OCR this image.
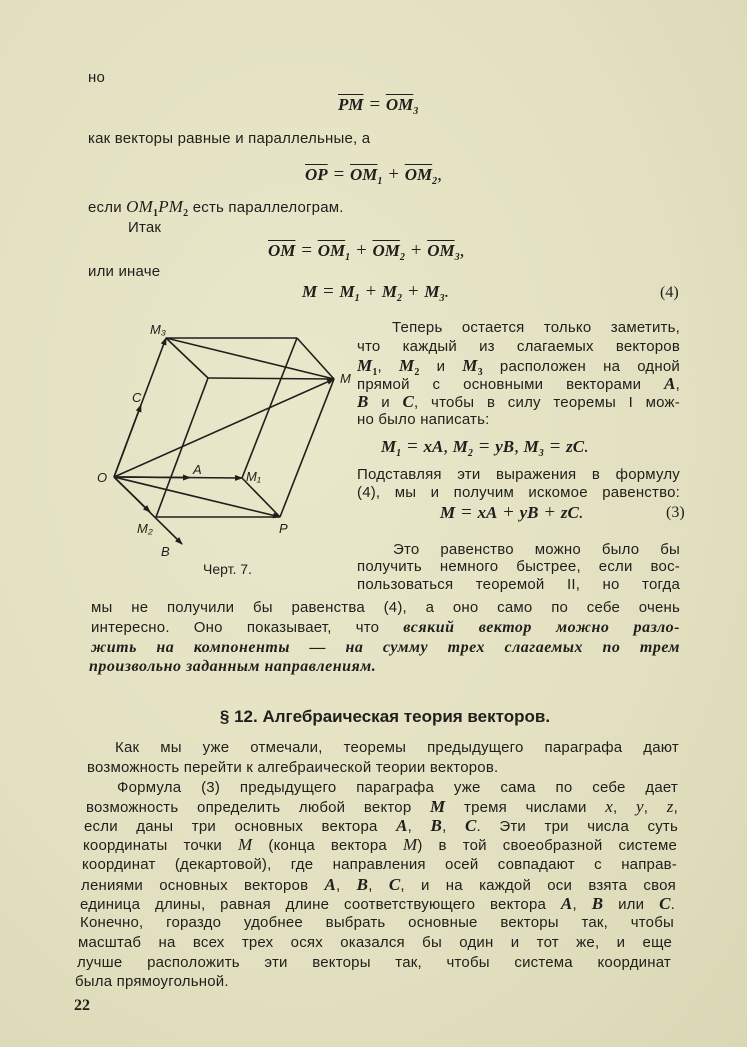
но
$\overline{PM} = \overline{OM}_3$
как векторы равные и параллельные, а
$\overline{OP} = \overline{OM}_1 + \overline{OM}_2$,
если $OM_1PM_2$ есть параллелограм.
Итак
$\overline{OM} = \overline{OM}_1 + \overline{OM}_2 + \overline{OM}_3$,
или иначе
$M = M_1 + M_2 + M_3$.	(4)
Теперь остается только заметить,
что каждый из слагаемых векторов
$M_1$, $M_2$ и $M_3$ расположен на одной
прямой с основными векторами A,
B и C, чтобы в силу теоремы I мож-
но было написать:
$M_1$ = xA, $M_2$ = yB, $M_3$ = zC.
Подставляя эти выражения в формулу
(4), мы и получим искомое равенство:
M = xA + yB + zC.	(3)
Это равенство можно было бы
получить немного быстрее, если вос-
пользоваться теоремой II, но тогда
M₃
C
M
O
A	M₁
M₂	P
B
Черт. 7.
мы не получили бы равенства (4), а оно само по себе очень
интересно. Оно показывает, что всякий вектор можно разло-
жить на компоненты — на сумму трех слагаемых по трем
произвольно заданным направлениям.
§ 12. Алгебраическая теория векторов.
Как мы уже отмечали, теоремы предыдущего параграфа дают
возможность перейти к алгебраической теории векторов.
Формула (3) предыдущего параграфа уже сама по себе дает
возможность определить любой вектор M тремя числами x, y, z,
если даны три основных вектора A, B, C. Эти три числа суть
координаты точки M (конца вектора M) в той своеобразной системе
координат (декартовой), где направления осей совпадают с направ-
лениями основных векторов A, B, C, и на каждой оси взята своя
единица длины, равная длине соответствующего вектора A, B или C.
Конечно, гораздо удобнее выбрать основные векторы так, чтобы
масштаб на всех трех осях оказался бы один и тот же, и еще
лучше расположить эти векторы так, чтобы система координат
была прямоугольной.
22
